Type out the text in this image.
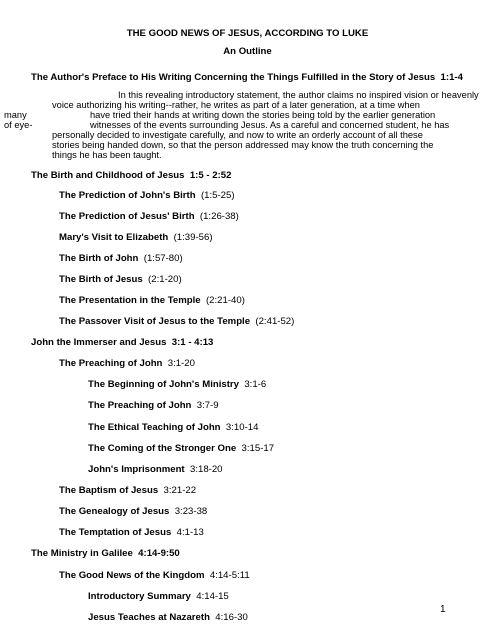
THE GOOD NEWS OF JESUS, ACCORDING TO LUKE
An Outline
The Author's Preface to His Writing Concerning the Things Fulfilled in the Story of Jesus 1:1-4
In this revealing introductory statement, the author claims no inspired vision or heavenly
voice authorizing his writing--rather, he writes as part of a later generation, at a time when
many	have tried their hands at writing down the stories being told by the earlier generation
of eye-	witnesses of the events surrounding Jesus. As a careful and concerned student, he has
personally decided to investigate carefully, and now to write an orderly account of all these
stories being handed down, so that the person addressed may know the truth concerning the
things he has been taught.
The Birth and Childhood of Jesus 1:5 - 2:52
The Prediction of John's Birth (1:5-25)
The Prediction of Jesus' Birth (1:26-38)
Mary's Visit to Elizabeth (1:39-56)
The Birth of John (1:57-80)
The Birth of Jesus (2:1-20)
The Presentation in the Temple (2:21-40)
The Passover Visit of Jesus to the Temple (2:41-52)
John the Immerser and Jesus 3:1 - 4:13
The Preaching of John 3:1-20
The Beginning of John's Ministry 3:1-6
The Preaching of John 3:7-9
The Ethical Teaching of John 3:10-14
The Coming of the Stronger One 3:15-17
John's Imprisonment 3:18-20
The Baptism of Jesus 3:21-22
The Genealogy of Jesus 3:23-38
The Temptation of Jesus 4:1-13
The Ministry in Galilee 4:14-9:50
The Good News of the Kingdom 4:14-5:11
Introductory Summary 4:14-15
Jesus Teaches at Nazareth 4:16-30
1
